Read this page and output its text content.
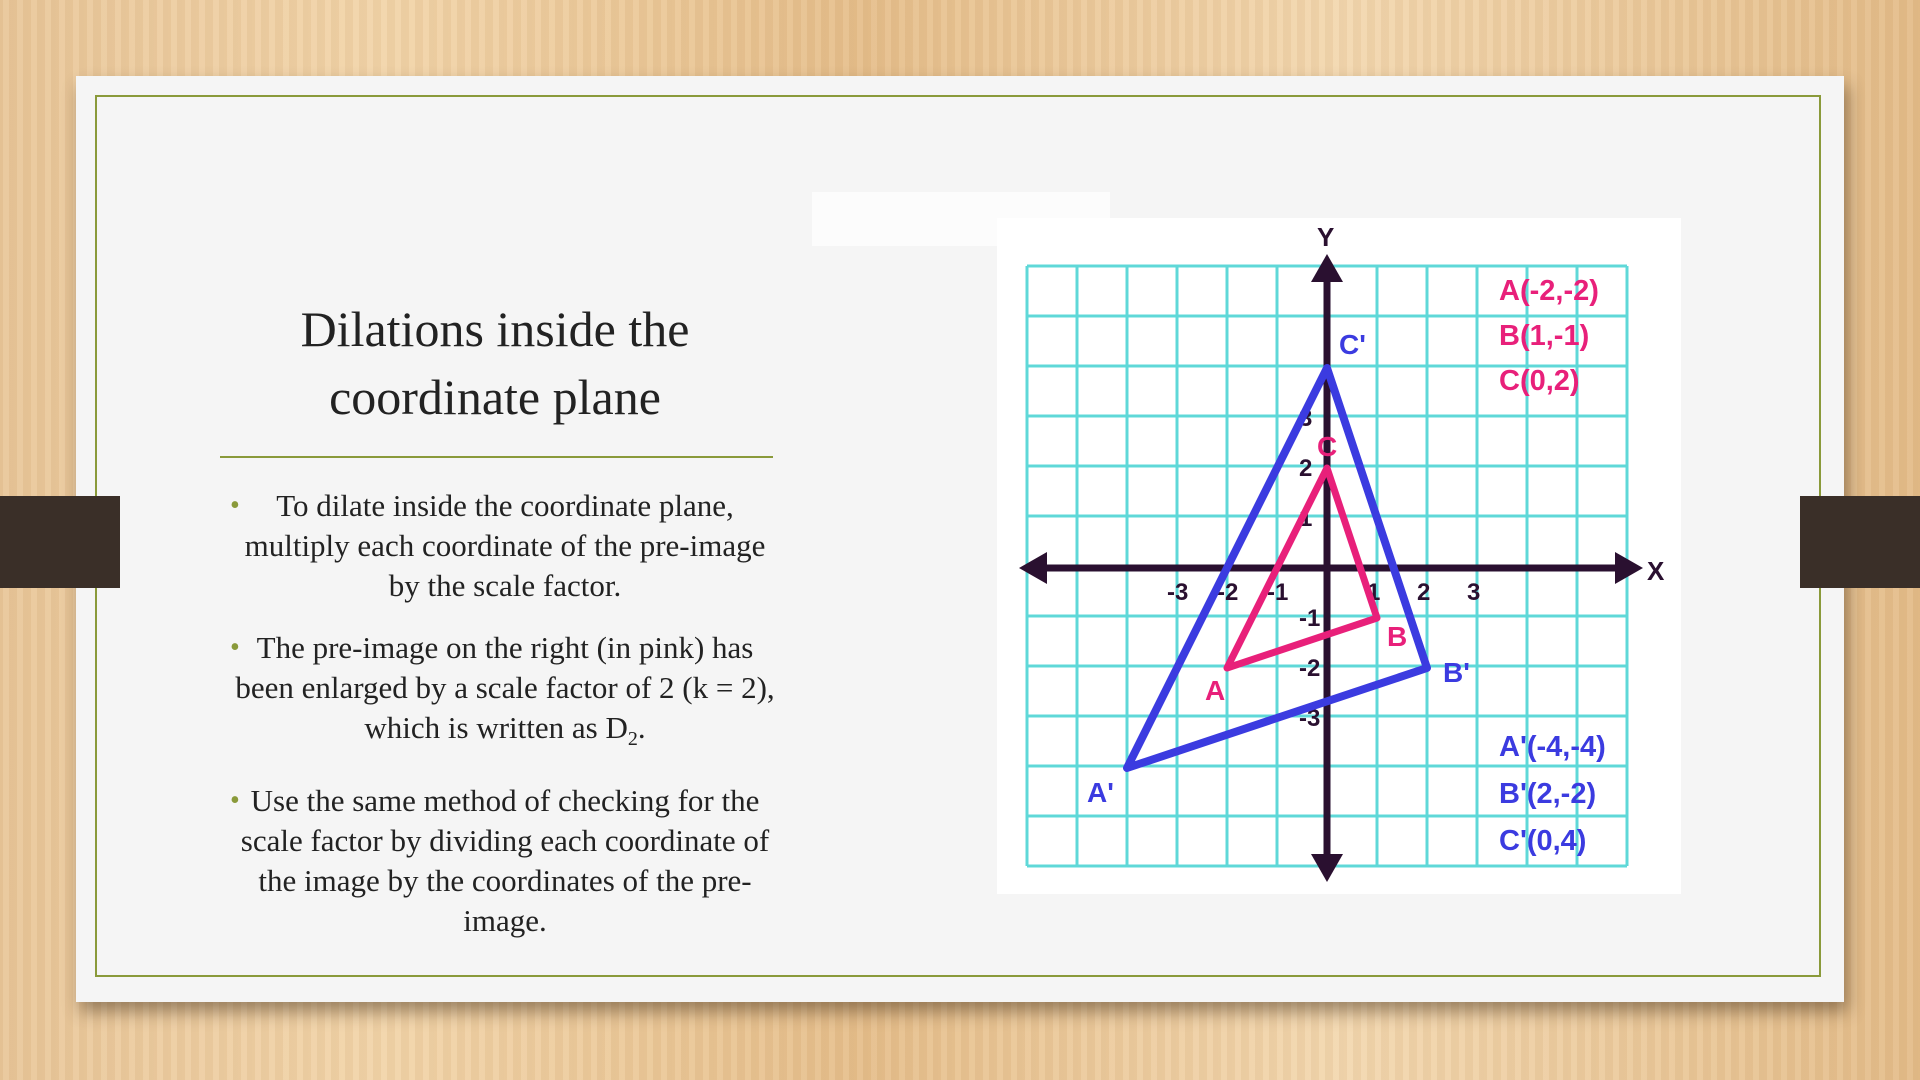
Dilations inside the coordinate plane
• To dilate inside the coordinate plane, multiply each coordinate of the pre-image by the scale factor.
• The pre-image on the right (in pink) has been enlarged by a scale factor of 2 (k = 2), which is written as $D_2$.
• Use the same method of checking for the scale factor by dividing each coordinate of the image by the coordinates of the pre-image.
X
Y
-3 -2 -1	1 2 3
3
2
1
-1
-2
-3
A
B
C
A'
B'
C'
A(-2,-2)
B(1,-1)
C(0,2)
A'(-4,-4)
B'(2,-2)
C'(0,4)
